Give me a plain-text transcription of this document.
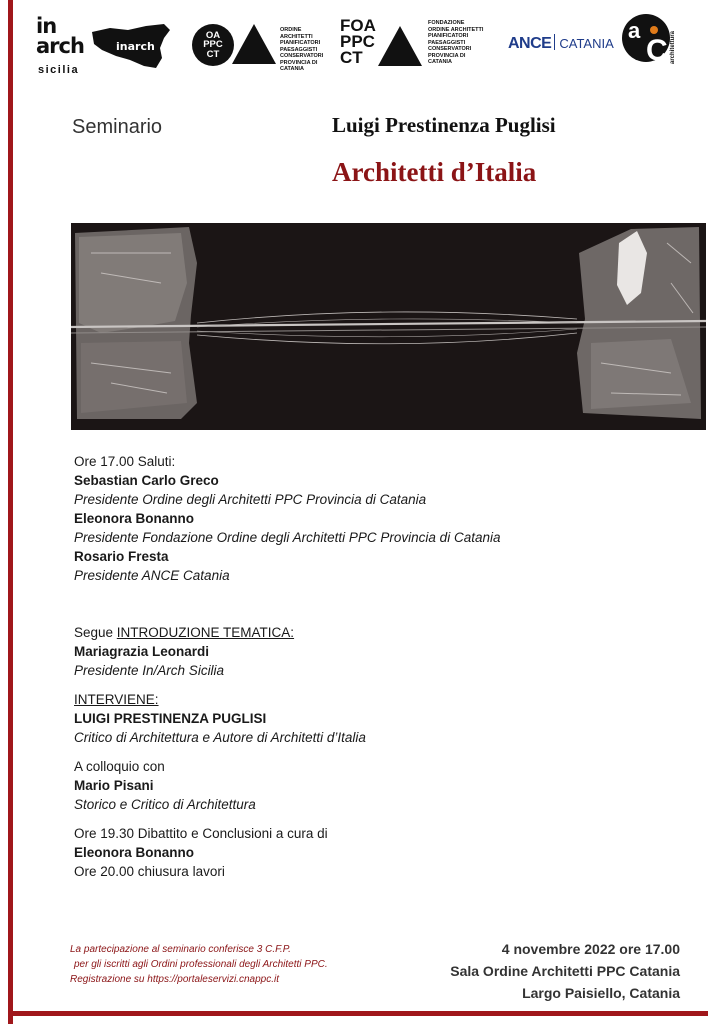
in
arch
sicilia
inarch
OA
PPC
CT
ORDINE
ARCHITETTI
PIANIFICATORI
PAESAGGISTI
CONSERVATORI
PROVINCIA DI
CATANIA
FOA
PPC
CT
FONDAZIONE
ORDINE ARCHITETTI
PIANIFICATORI
PAESAGGISTI
CONSERVATORI
PROVINCIA DI
CATANIA
ANCE CATANIA
a
C architettura
Seminario	Luigi Prestinenza Puglisi
Architetti d’Italia
Ore 17.00 Saluti:
Sebastian Carlo Greco
Presidente Ordine degli Architetti PPC Provincia di Catania
Eleonora Bonanno
Presidente Fondazione Ordine degli Architetti PPC Provincia di Catania
Rosario Fresta
Presidente ANCE Catania
Segue INTRODUZIONE TEMATICA:
Mariagrazia Leonardi
Presidente In/Arch Sicilia
INTERVIENE:
LUIGI PRESTINENZA PUGLISI
Critico di Architettura e Autore di Architetti d’Italia
A colloquio con
Mario Pisani
Storico e Critico di Architettura
Ore 19.30 Dibattito e Conclusioni a cura di
Eleonora Bonanno
Ore 20.00 chiusura lavori
La partecipazione al seminario conferisce 3 C.F.P.
per gli iscritti agli Ordini professionali degli Architetti PPC.
Registrazione su https://portaleservizi.cnappc.it
4 novembre 2022 ore 17.00
Sala Ordine Architetti PPC Catania
Largo Paisiello, Catania
